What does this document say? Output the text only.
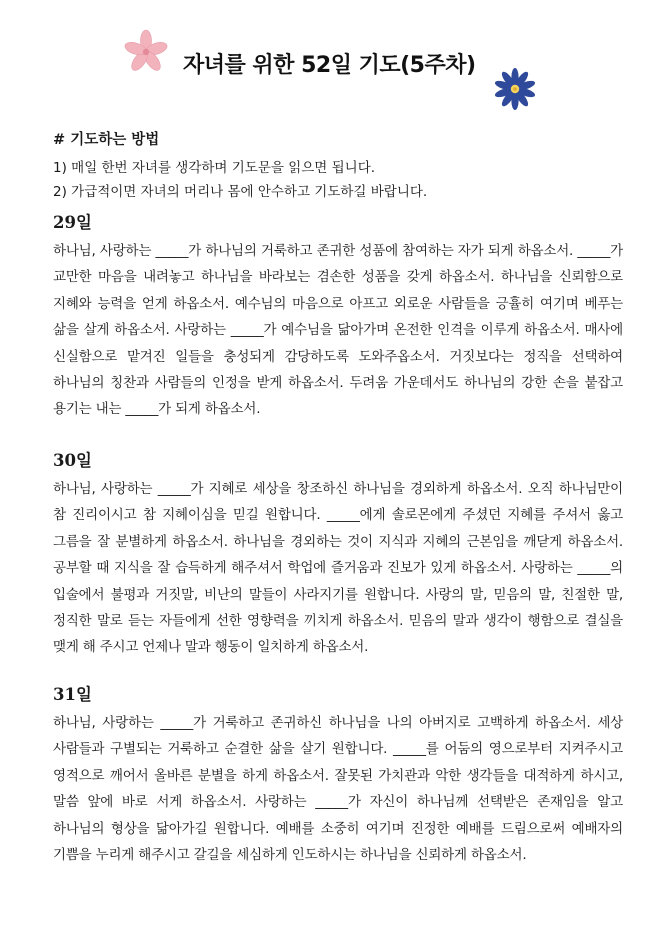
자녀를 위한 52일 기도(5주차)

# 기도하는 방법

1) 매일 한번 자녀를 생각하며 기도문을 읽으면 됩니다.

2) 가급적이면 자녀의 머리나 몸에 안수하고 기도하길 바랍니다.

29일

하나님, 사랑하는 _____가 하나님의 거룩하고 존귀한 성품에 참여하는 자가 되게 하옵소서. _____가 교만한 마음을 내려놓고 하나님을 바라보는 겸손한 성품을 갖게 하옵소서. 하나님을 신뢰함으로 지혜와 능력을 얻게 하옵소서. 예수님의 마음으로 아프고 외로운 사람들을 긍휼히 여기며 베푸는 삶을 살게 하옵소서. 사랑하는 _____가 예수님을 닮아가며 온전한 인격을 이루게 하옵소서. 매사에 신실함으로 맡겨진 일들을 충성되게 감당하도록 도와주옵소서. 거짓보다는 정직을 선택하여 하나님의 칭찬과 사람들의 인정을 받게 하옵소서. 두려움 가운데서도 하나님의 강한 손을 붙잡고 용기는 내는 _____가 되게 하옵소서.

30일

하나님, 사랑하는 _____가 지혜로 세상을 창조하신 하나님을 경외하게 하옵소서. 오직 하나님만이 참 진리이시고 참 지혜이심을 믿길 원합니다. _____에게 솔로몬에게 주셨던 지혜를 주셔서 옳고 그름을 잘 분별하게 하옵소서. 하나님을 경외하는 것이 지식과 지혜의 근본임을 깨닫게 하옵소서. 공부할 때 지식을 잘 습득하게 해주셔서 학업에 즐거움과 진보가 있게 하옵소서. 사랑하는 _____의 입술에서 불평과 거짓말, 비난의 말들이 사라지기를 원합니다. 사랑의 말, 믿음의 말, 친절한 말, 정직한 말로 듣는 자들에게 선한 영향력을 끼치게 하옵소서. 믿음의 말과 생각이 행함으로 결실을 맺게 해 주시고 언제나 말과 행동이 일치하게 하옵소서.

31일

하나님, 사랑하는 _____가 거룩하고 존귀하신 하나님을 나의 아버지로 고백하게 하옵소서. 세상 사람들과 구별되는 거룩하고 순결한 삶을 살기 원합니다. _____를 어둠의 영으로부터 지켜주시고 영적으로 깨어서 올바른 분별을 하게 하옵소서. 잘못된 가치관과 악한 생각들을 대적하게 하시고, 말씀 앞에 바로 서게 하옵소서. 사랑하는 _____가 자신이 하나님께 선택받은 존재임을 알고 하나님의 형상을 닮아가길 원합니다. 예배를 소중히 여기며 진정한 예배를 드림으로써 예배자의 기쁨을 누리게 해주시고 갈길을 세심하게 인도하시는 하나님을 신뢰하게 하옵소서.
